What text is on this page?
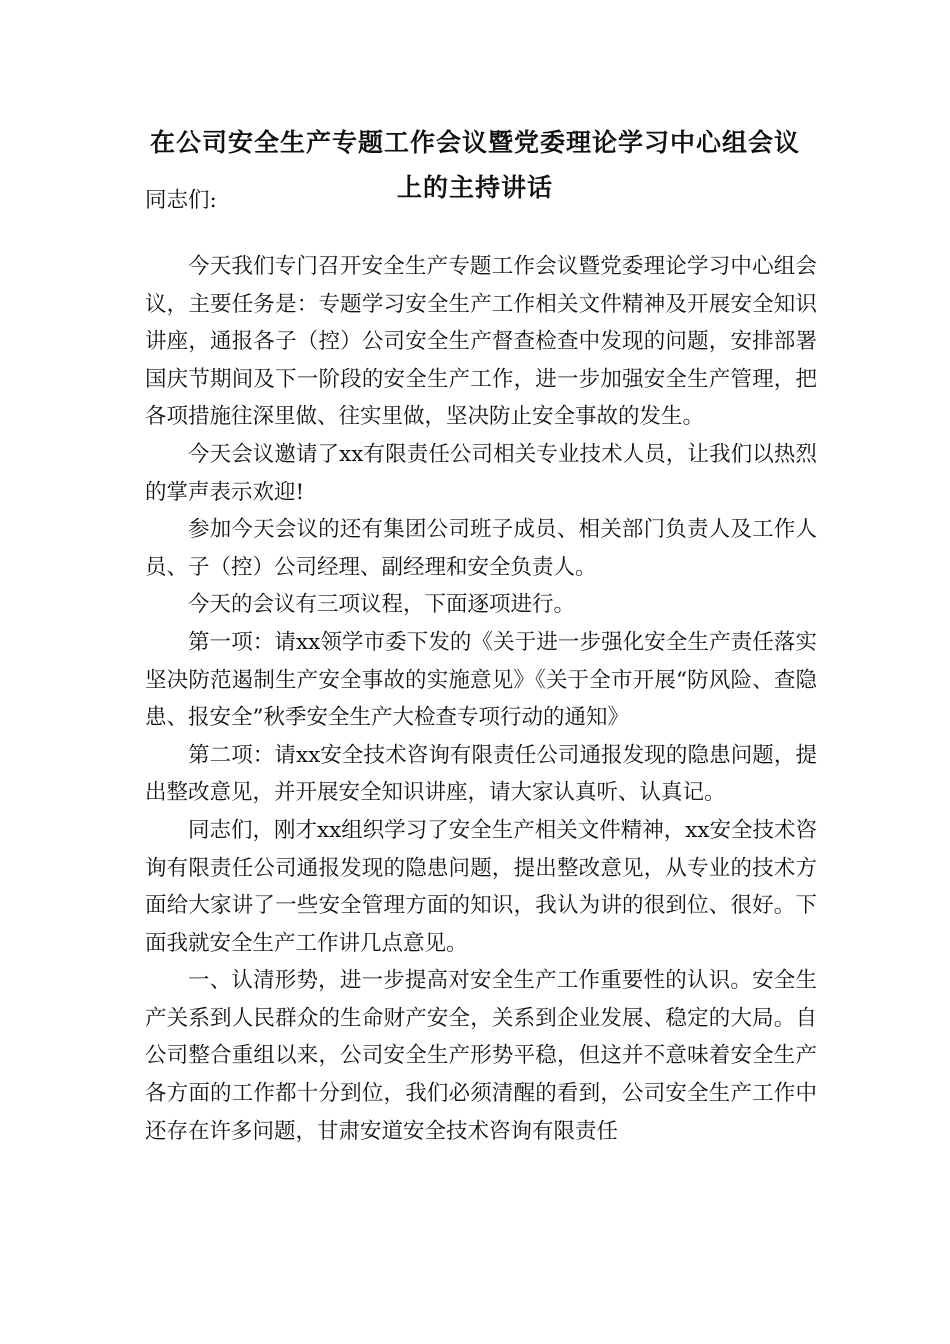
在公司安全生产专题工作会议暨党委理论学习中心组会议
上的主持讲话

同志们:

今天我们专门召开安全生产专题工作会议暨党委理论学习中心组会议，主要任务是：专题学习安全生产工作相关文件精神及开展安全知识讲座，通报各子（控）公司安全生产督查检查中发现的问题，安排部署国庆节期间及下一阶段的安全生产工作，进一步加强安全生产管理，把各项措施往深里做、往实里做，坚决防止安全事故的发生。

今天会议邀请了xx有限责任公司相关专业技术人员，让我们以热烈的掌声表示欢迎!

参加今天会议的还有集团公司班子成员、相关部门负责人及工作人员、子（控）公司经理、副经理和安全负责人。

今天的会议有三项议程，下面逐项进行。

第一项：请xx领学市委下发的《关于进一步强化安全生产责任落实坚决防范遏制生产安全事故的实施意见》《关于全市开展“防风险、查隐患、报安全”秋季安全生产大检查专项行动的通知》

第二项：请xx安全技术咨询有限责任公司通报发现的隐患问题，提出整改意见，并开展安全知识讲座，请大家认真听、认真记。

同志们，刚才xx组织学习了安全生产相关文件精神，xx安全技术咨询有限责任公司通报发现的隐患问题，提出整改意见，从专业的技术方面给大家讲了一些安全管理方面的知识，我认为讲的很到位、很好。下面我就安全生产工作讲几点意见。

一、认清形势，进一步提高对安全生产工作重要性的认识。安全生产关系到人民群众的生命财产安全，关系到企业发展、稳定的大局。自公司整合重组以来，公司安全生产形势平稳，但这并不意味着安全生产各方面的工作都十分到位，我们必须清醒的看到，公司安全生产工作中还存在许多问题，甘肃安道安全技术咨询有限责任
